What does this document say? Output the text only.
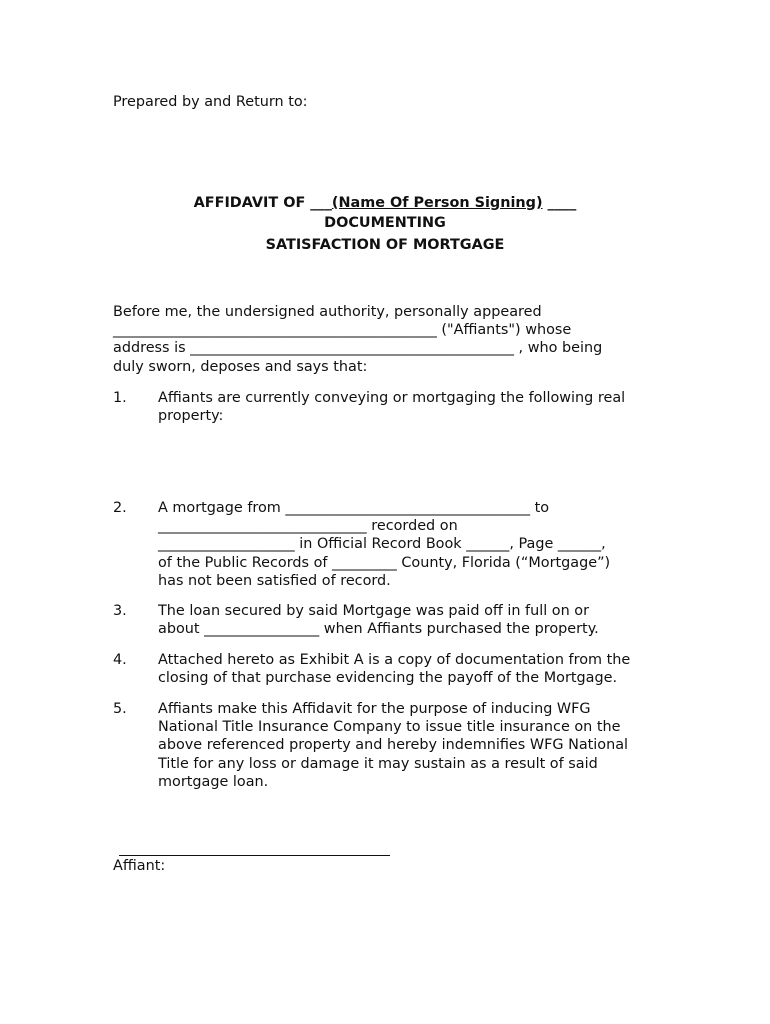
Prepared by and Return to:
AFFIDAVIT OF ___(Name Of Person Signing) ____
DOCUMENTING
SATISFACTION OF MORTGAGE
Before me, the undersigned authority, personally appeared
_____________________________________________ ("Affiants") whose
address is _____________________________________________ , who being
duly sworn, deposes and says that:
1. Affiants are currently conveying or mortgaging the following real
property:
2. A mortgage from __________________________________ to
_____________________________ recorded on
___________________ in Official Record Book ______, Page ______,
of the Public Records of _________ County, Florida (“Mortgage”)
has not been satisfied of record.
3. The loan secured by said Mortgage was paid off in full on or
about ________________ when Affiants purchased the property.
4. Attached hereto as Exhibit A is a copy of documentation from the
closing of that purchase evidencing the payoff of the Mortgage.
5. Affiants make this Affidavit for the purpose of inducing WFG
National Title Insurance Company to issue title insurance on the
above referenced property and hereby indemnifies WFG National
Title for any loss or damage it may sustain as a result of said
mortgage loan.
Affiant:
